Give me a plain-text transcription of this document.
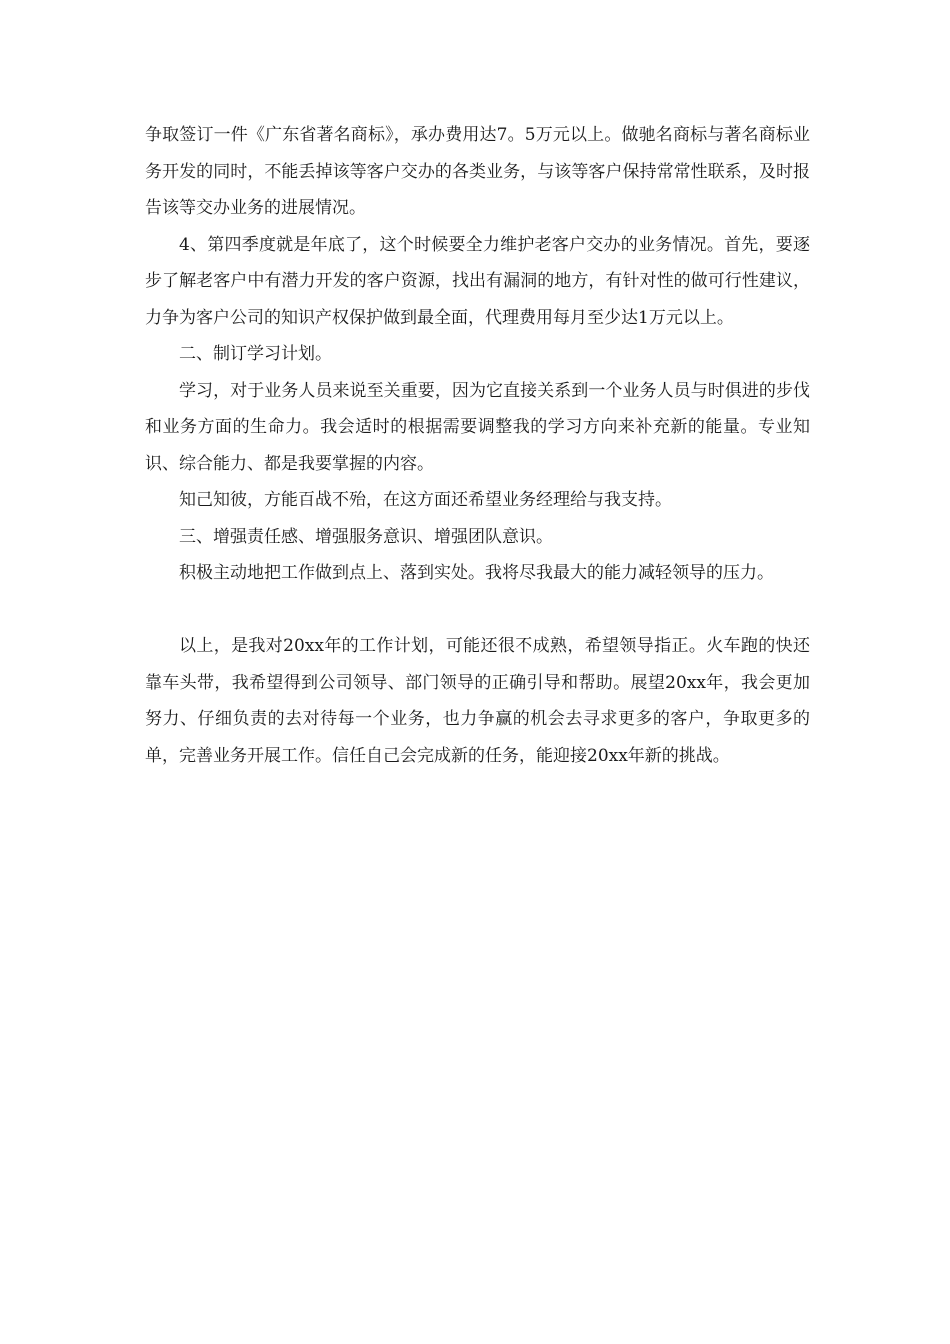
争取签订一件《广东省著名商标》，承办费用达7。5万元以上。做驰名商标与著名商标业务开发的同时，不能丢掉该等客户交办的各类业务，与该等客户保持常常性联系，及时报告该等交办业务的进展情况。

4、第四季度就是年底了，这个时候要全力维护老客户交办的业务情况。首先，要逐步了解老客户中有潜力开发的客户资源，找出有漏洞的地方，有针对性的做可行性建议，力争为客户公司的知识产权保护做到最全面，代理费用每月至少达1万元以上。

二、制订学习计划。

学习，对于业务人员来说至关重要，因为它直接关系到一个业务人员与时俱进的步伐和业务方面的生命力。我会适时的根据需要调整我的学习方向来补充新的能量。专业知识、综合能力、都是我要掌握的内容。

知己知彼，方能百战不殆，在这方面还希望业务经理给与我支持。

三、增强责任感、增强服务意识、增强团队意识。

积极主动地把工作做到点上、落到实处。我将尽我最大的能力减轻领导的压力。

以上，是我对20xx年的工作计划，可能还很不成熟，希望领导指正。火车跑的快还靠车头带，我希望得到公司领导、部门领导的正确引导和帮助。展望20xx年，我会更加努力、仔细负责的去对待每一个业务，也力争赢的机会去寻求更多的客户，争取更多的单，完善业务开展工作。信任自己会完成新的任务，能迎接20xx年新的挑战。
